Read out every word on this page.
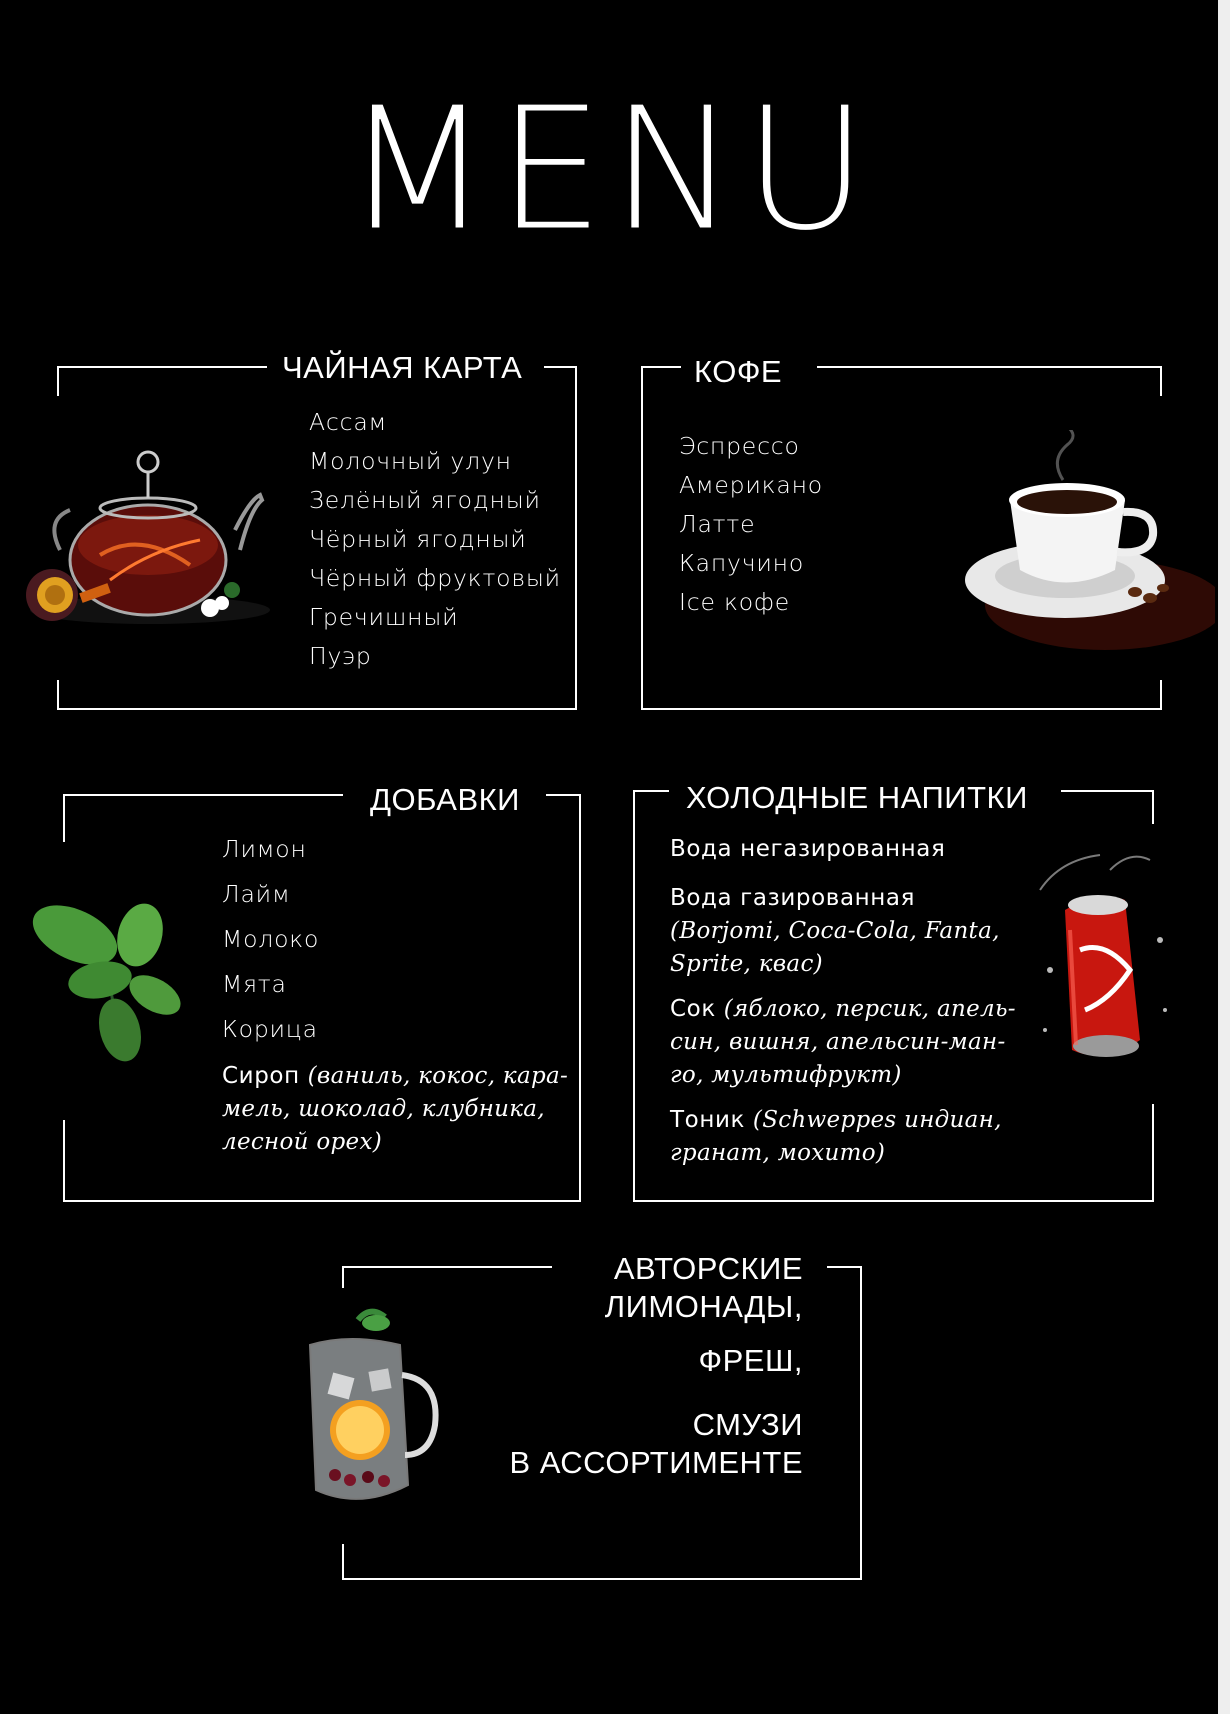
MENU
ЧАЙНАЯ КАРТА
Ассам
Молочный улун
Зелёный ягодный
Чёрный ягодный
Чёрный фруктовый
Гречишный
Пуэр
КОФЕ
Эспрессо
Американо
Латте
Капучино
Ice кофе
ДОБАВКИ
Лимон
Лайм
Молоко
Мята
Корица
Сироп (ваниль, кокос, кара-
мель, шоколад, клубника,
лесной орех)
ХОЛОДНЫЕ НАПИТКИ

Вода негазированная

Вода газированная
(Borjomi, Coca-Cola, Fanta,
Sprite, квас)

Сок (яблоко, персик, апель-
син, вишня, апельсин-ман-
го, мультифрукт)

Тоник (Schweppes индиан,
гранат, мохито)

АВТОРСКИЕ
ЛИМОНАДЫ,
ФРЕШ,
СМУЗИ
В АССОРТИМЕНТЕ
